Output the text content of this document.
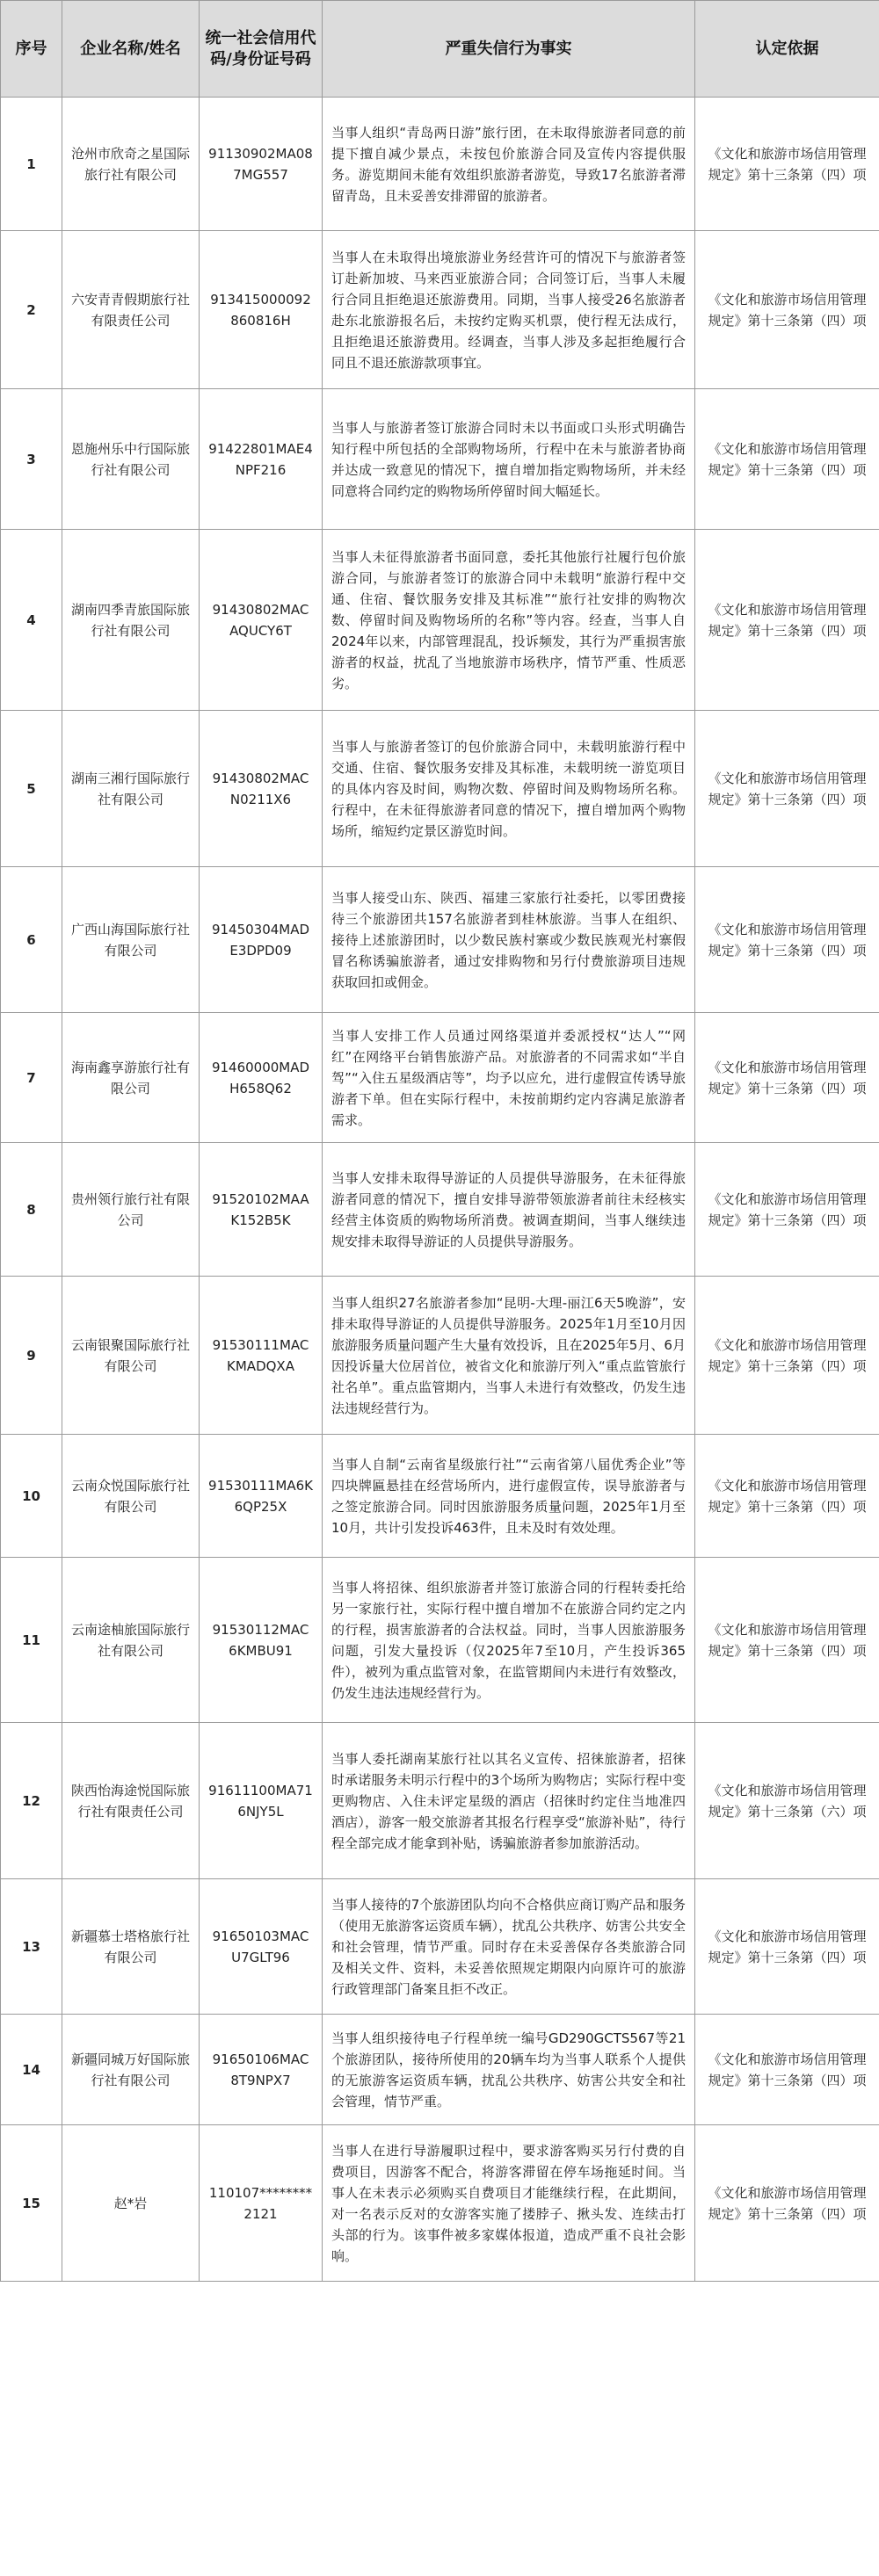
序号	企业名称/姓名	统一社会信用代码/身份证号码	严重失信行为事实	认定依据
1	沧州市欣奇之星国际旅行社有限公司	91130902MA087MG557	当事人组织“青岛两日游”旅行团，在未取得旅游者同意的前提下擅自减少景点，未按包价旅游合同及宣传内容提供服务。游览期间未能有效组织旅游者游览，导致17名旅游者滞留青岛，且未妥善安排滞留的旅游者。	《文化和旅游市场信用管理规定》第十三条第（四）项
2	六安青青假期旅行社有限责任公司	913415000092860816H	当事人在未取得出境旅游业务经营许可的情况下与旅游者签订赴新加坡、马来西亚旅游合同；合同签订后，当事人未履行合同且拒绝退还旅游费用。同期，当事人接受26名旅游者赴东北旅游报名后，未按约定购买机票，使行程无法成行，且拒绝退还旅游费用。经调查，当事人涉及多起拒绝履行合同且不退还旅游款项事宜。	《文化和旅游市场信用管理规定》第十三条第（四）项
3	恩施州乐中行国际旅行社有限公司	91422801MAE4NPF216	当事人与旅游者签订旅游合同时未以书面或口头形式明确告知行程中所包括的全部购物场所，行程中在未与旅游者协商并达成一致意见的情况下，擅自增加指定购物场所，并未经同意将合同约定的购物场所停留时间大幅延长。	《文化和旅游市场信用管理规定》第十三条第（四）项
4	湖南四季青旅国际旅行社有限公司	91430802MACAQUCY6T	当事人未征得旅游者书面同意，委托其他旅行社履行包价旅游合同，与旅游者签订的旅游合同中未载明“旅游行程中交通、住宿、餐饮服务安排及其标准”“旅行社安排的购物次数、停留时间及购物场所的名称”等内容。经查，当事人自2024年以来，内部管理混乱，投诉频发，其行为严重损害旅游者的权益，扰乱了当地旅游市场秩序，情节严重、性质恶劣。	《文化和旅游市场信用管理规定》第十三条第（四）项
5	湖南三湘行国际旅行社有限公司	91430802MACN0211X6	当事人与旅游者签订的包价旅游合同中，未载明旅游行程中交通、住宿、餐饮服务安排及其标准，未载明统一游览项目的具体内容及时间，购物次数、停留时间及购物场所名称。行程中，在未征得旅游者同意的情况下，擅自增加两个购物场所，缩短约定景区游览时间。	《文化和旅游市场信用管理规定》第十三条第（四）项
6	广西山海国际旅行社有限公司	91450304MADE3DPD09	当事人接受山东、陕西、福建三家旅行社委托，以零团费接待三个旅游团共157名旅游者到桂林旅游。当事人在组织、接待上述旅游团时，以少数民族村寨或少数民族观光村寨假冒名称诱骗旅游者，通过安排购物和另行付费旅游项目违规获取回扣或佣金。	《文化和旅游市场信用管理规定》第十三条第（四）项
7	海南鑫享游旅行社有限公司	91460000MADH658Q62	当事人安排工作人员通过网络渠道并委派授权“达人”“网红”在网络平台销售旅游产品。对旅游者的不同需求如“半自驾”“入住五星级酒店等”，均予以应允，进行虚假宣传诱导旅游者下单。但在实际行程中，未按前期约定内容满足旅游者需求。	《文化和旅游市场信用管理规定》第十三条第（四）项
8	贵州领行旅行社有限公司	91520102MAAK152B5K	当事人安排未取得导游证的人员提供导游服务，在未征得旅游者同意的情况下，擅自安排导游带领旅游者前往未经核实经营主体资质的购物场所消费。被调查期间，当事人继续违规安排未取得导游证的人员提供导游服务。	《文化和旅游市场信用管理规定》第十三条第（四）项
9	云南银聚国际旅行社有限公司	91530111MACKMADQXA	当事人组织27名旅游者参加“昆明-大理-丽江6天5晚游”，安排未取得导游证的人员提供导游服务。2025年1月至10月因旅游服务质量问题产生大量有效投诉，且在2025年5月、6月因投诉量大位居首位，被省文化和旅游厅列入“重点监管旅行社名单”。重点监管期内，当事人未进行有效整改，仍发生违法违规经营行为。	《文化和旅游市场信用管理规定》第十三条第（四）项
10	云南众悦国际旅行社有限公司	91530111MA6K6QP25X	当事人自制“云南省星级旅行社”“云南省第八届优秀企业”等四块牌匾悬挂在经营场所内，进行虚假宣传，误导旅游者与之签定旅游合同。同时因旅游服务质量问题，2025年1月至10月，共计引发投诉463件，且未及时有效处理。	《文化和旅游市场信用管理规定》第十三条第（四）项
11	云南途柚旅国际旅行社有限公司	91530112MAC6KMBU91	当事人将招徕、组织旅游者并签订旅游合同的行程转委托给另一家旅行社，实际行程中擅自增加不在旅游合同约定之内的行程，损害旅游者的合法权益。同时，当事人因旅游服务问题，引发大量投诉（仅2025年7至10月，产生投诉365件），被列为重点监管对象，在监管期间内未进行有效整改，仍发生违法违规经营行为。	《文化和旅游市场信用管理规定》第十三条第（四）项
12	陕西怡海途悦国际旅行社有限责任公司	91611100MA716NJY5L	当事人委托湖南某旅行社以其名义宣传、招徕旅游者，招徕时承诺服务未明示行程中的3个场所为购物店；实际行程中变更购物店、入住未评定星级的酒店（招徕时约定住当地准四酒店），游客一般交旅游者其报名行程享受“旅游补贴”，待行程全部完成才能拿到补贴，诱骗旅游者参加旅游活动。	《文化和旅游市场信用管理规定》第十三条第（六）项
13	新疆慕士塔格旅行社有限公司	91650103MACU7GLT96	当事人接待的7个旅游团队均向不合格供应商订购产品和服务（使用无旅游客运资质车辆），扰乱公共秩序、妨害公共安全和社会管理，情节严重。同时存在未妥善保存各类旅游合同及相关文件、资料，未妥善依照规定期限内向原许可的旅游行政管理部门备案且拒不改正。	《文化和旅游市场信用管理规定》第十三条第（四）项
14	新疆同城万好国际旅行社有限公司	91650106MAC8T9NPX7	当事人组织接待电子行程单统一编号GD290GCTS567等21个旅游团队，接待所使用的20辆车均为当事人联系个人提供的无旅游客运资质车辆，扰乱公共秩序、妨害公共安全和社会管理，情节严重。	《文化和旅游市场信用管理规定》第十三条第（四）项
15	赵*岩	110107********2121	当事人在进行导游履职过程中，要求游客购买另行付费的自费项目，因游客不配合，将游客滞留在停车场拖延时间。当事人在未表示必须购买自费项目才能继续行程，在此期间，对一名表示反对的女游客实施了搂脖子、揪头发、连续击打头部的行为。该事件被多家媒体报道，造成严重不良社会影响。	《文化和旅游市场信用管理规定》第十三条第（四）项
